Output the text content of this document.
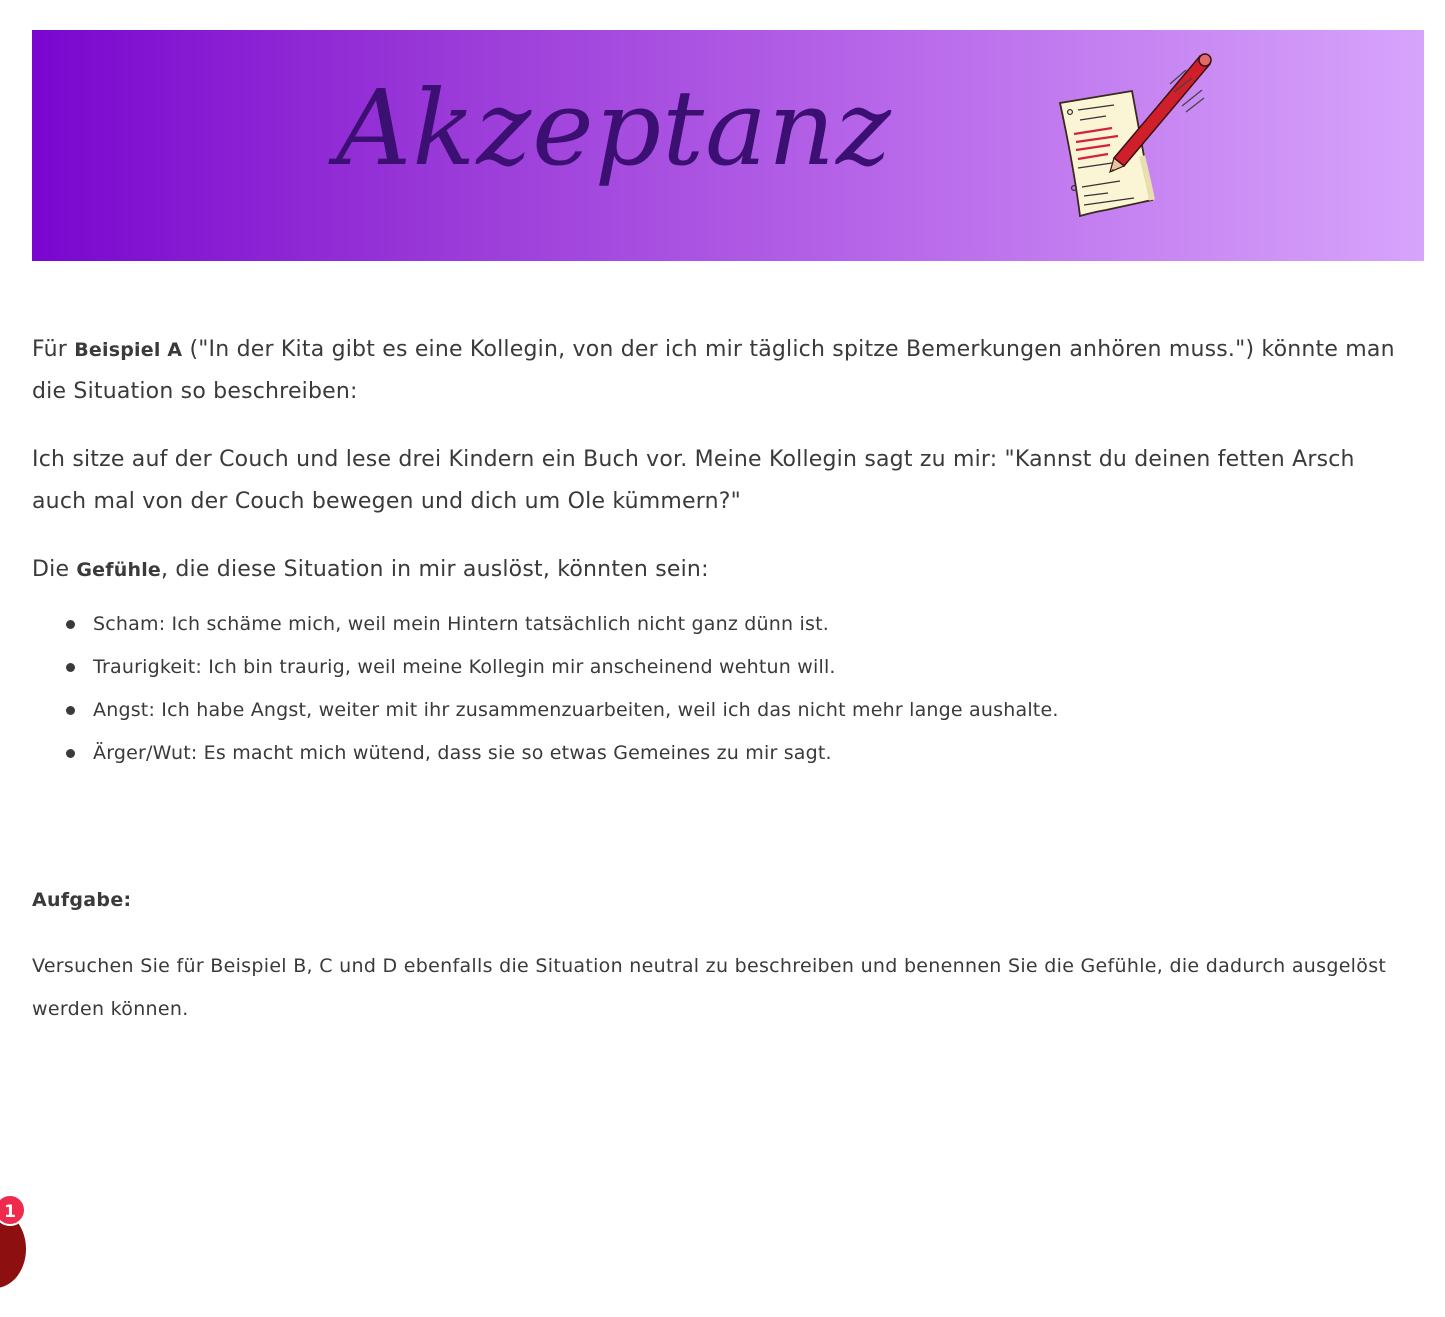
Akzeptanz

Für Beispiel A ("In der Kita gibt es eine Kollegin, von der ich mir täglich spitze Bemerkungen anhören muss.") könnte man die Situation so beschreiben:

Ich sitze auf der Couch und lese drei Kindern ein Buch vor. Meine Kollegin sagt zu mir: "Kannst du deinen fetten Arsch auch mal von der Couch bewegen und dich um Ole kümmern?"

Die Gefühle, die diese Situation in mir auslöst, könnten sein:

Scham: Ich schäme mich, weil mein Hintern tatsächlich nicht ganz dünn ist.
Traurigkeit: Ich bin traurig, weil meine Kollegin mir anscheinend wehtun will.
Angst: Ich habe Angst, weiter mit ihr zusammenzuarbeiten, weil ich das nicht mehr lange aushalte.
Ärger/Wut: Es macht mich wütend, dass sie so etwas Gemeines zu mir sagt.

Aufgabe:

Versuchen Sie für Beispiel B, C und D ebenfalls die Situation neutral zu beschreiben und benennen Sie die Gefühle, die dadurch ausgelöst werden können.

1
